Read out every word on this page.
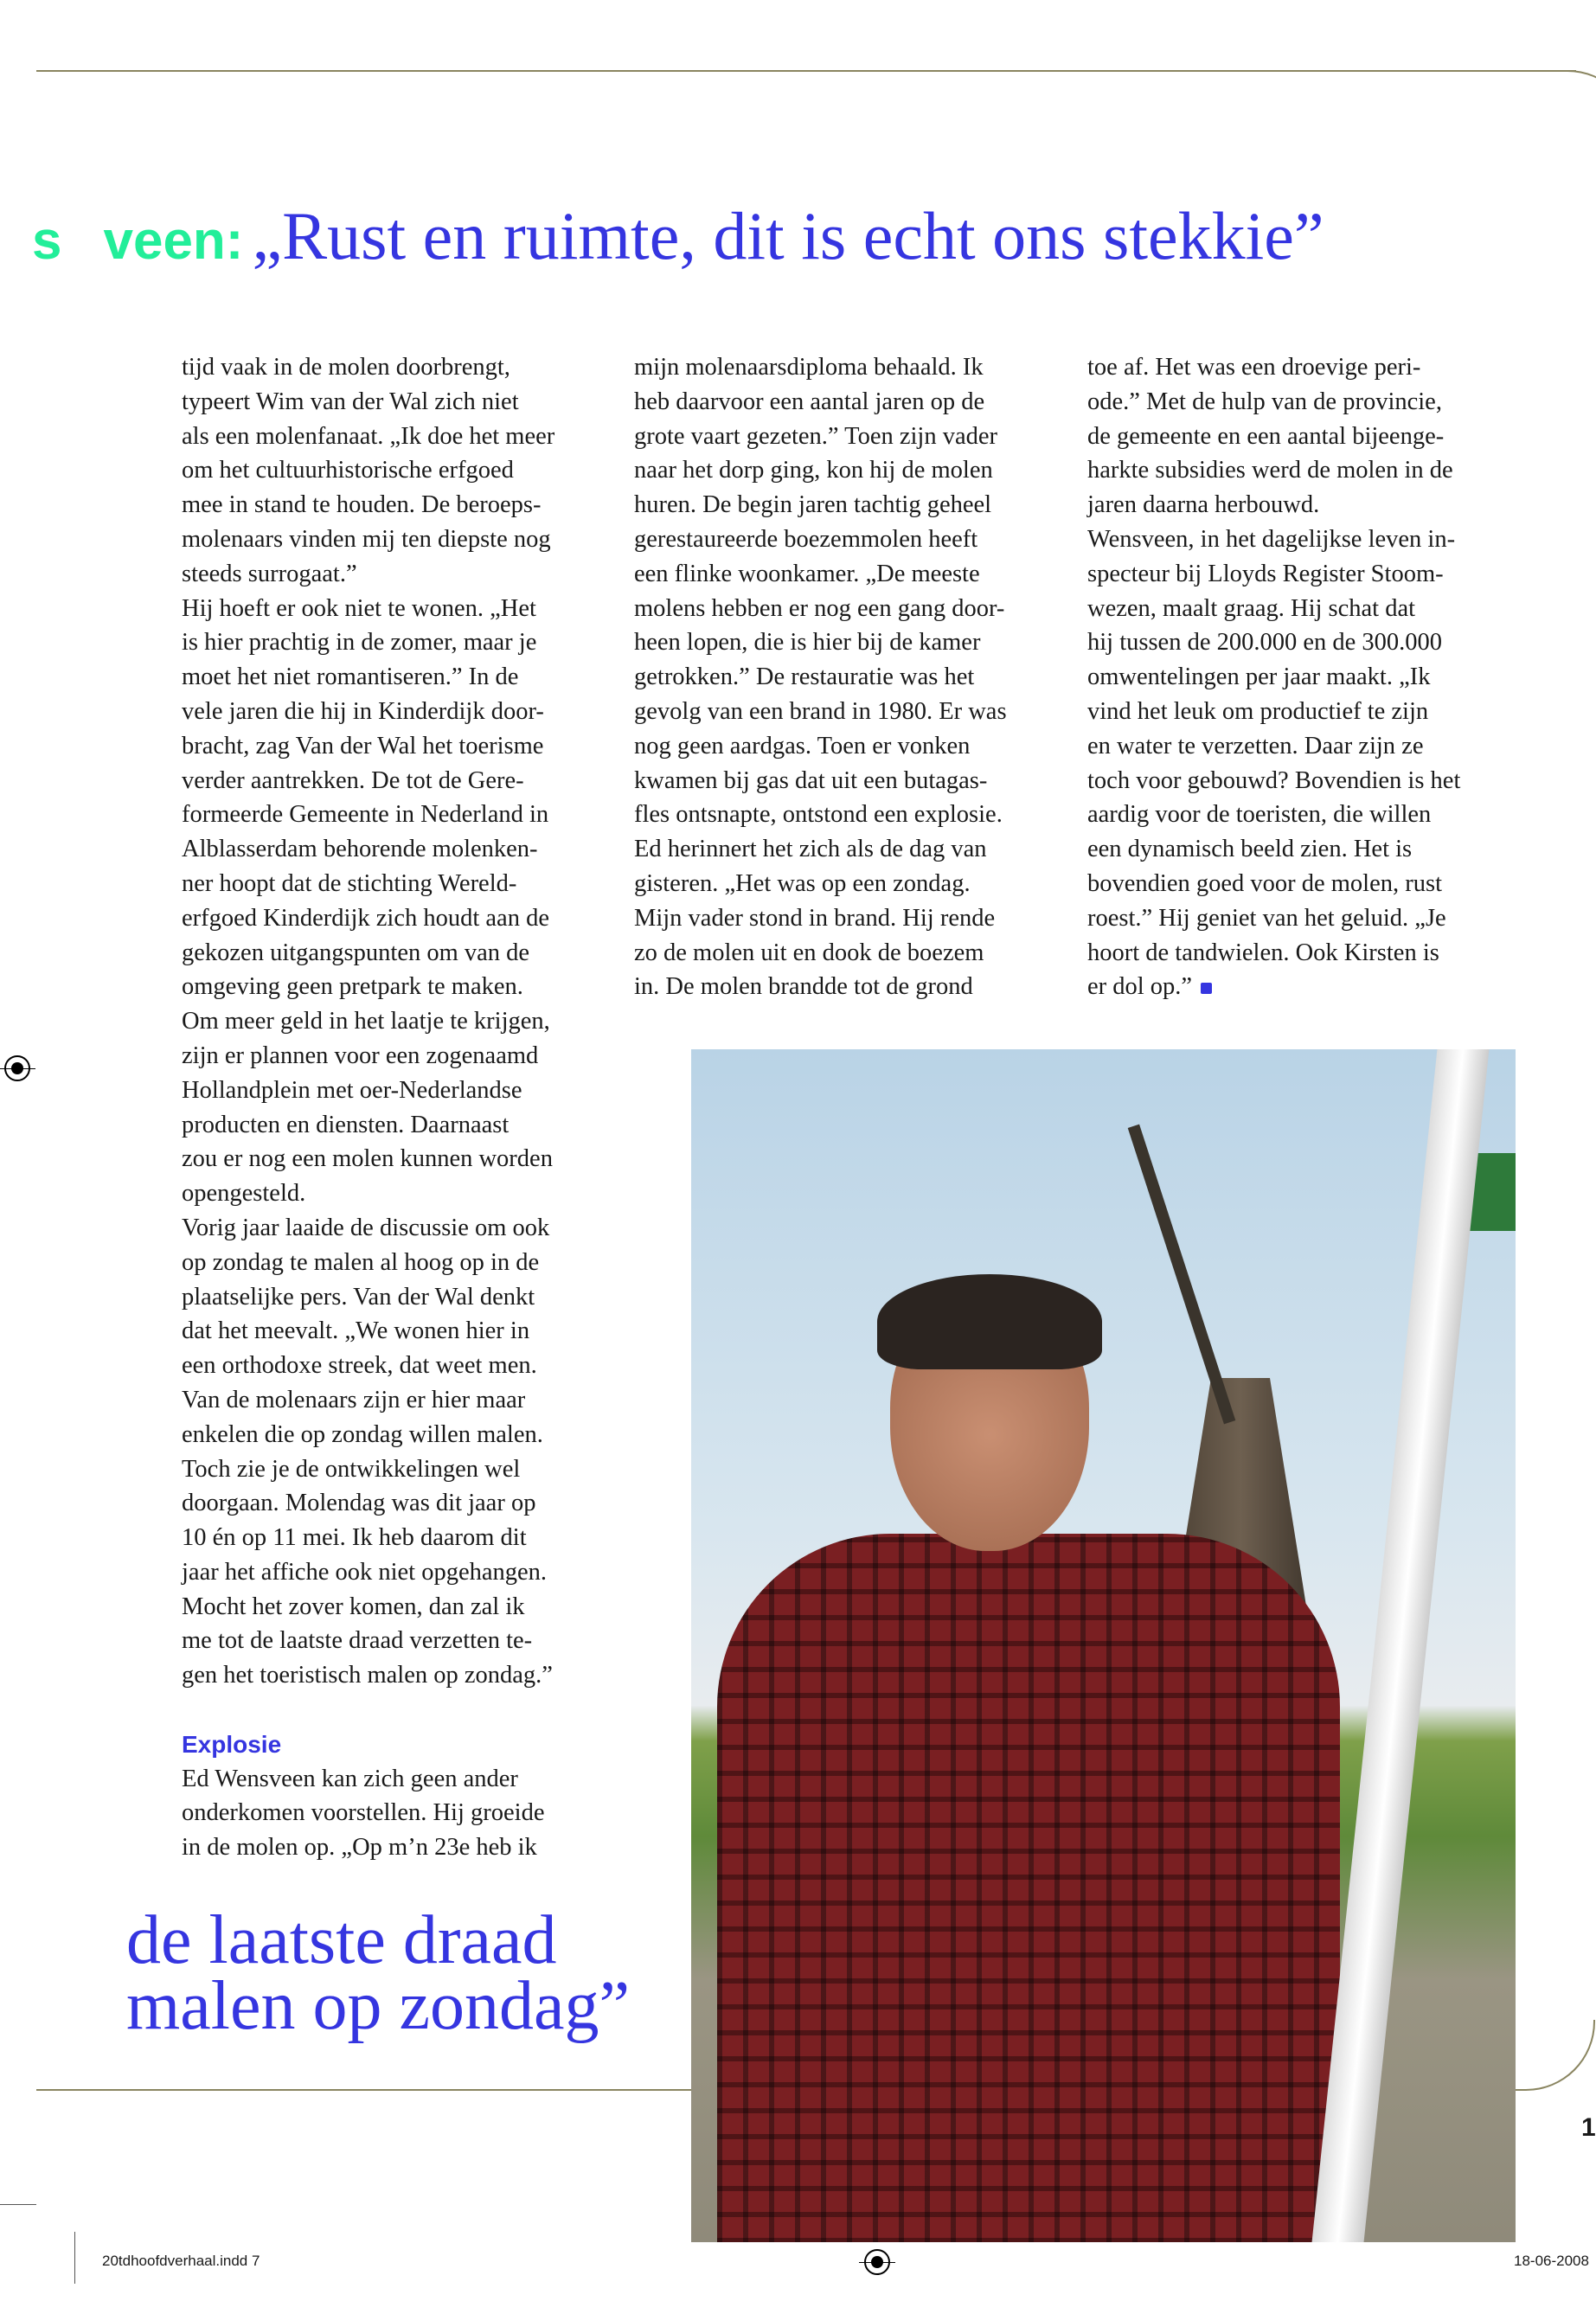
s veen: „Rust en ruimte, dit is echt ons stekkie”
tijd vaak in de molen doorbrengt,
typeert Wim van der Wal zich niet
als een molenfanaat. „Ik doe het meer
om het cultuurhistorische erfgoed
mee in stand te houden. De beroeps-
molenaars vinden mij ten diepste nog
steeds surrogaat.”
Hij hoeft er ook niet te wonen. „Het
is hier prachtig in de zomer, maar je
moet het niet romantiseren.” In de
vele jaren die hij in Kinderdijk door-
bracht, zag Van der Wal het toerisme
verder aantrekken. De tot de Gere-
formeerde Gemeente in Nederland in
Alblasserdam behorende molenken-
ner hoopt dat de stichting Wereld-
erfgoed Kinderdijk zich houdt aan de
gekozen uitgangspunten om van de
omgeving geen pretpark te maken.
Om meer geld in het laatje te krijgen,
zijn er plannen voor een zogenaamd
Hollandplein met oer-Nederlandse
producten en diensten. Daarnaast
zou er nog een molen kunnen worden
opengesteld.
Vorig jaar laaide de discussie om ook
op zondag te malen al hoog op in de
plaatselijke pers. Van der Wal denkt
dat het meevalt. „We wonen hier in
een orthodoxe streek, dat weet men.
Van de molenaars zijn er hier maar
enkelen die op zondag willen malen.
Toch zie je de ontwikkelingen wel
doorgaan. Molendag was dit jaar op
10 én op 11 mei. Ik heb daarom dit
jaar het affiche ook niet opgehangen.
Mocht het zover komen, dan zal ik
me tot de laatste draad verzetten te-
gen het toeristisch malen op zondag.”
Explosie
Ed Wensveen kan zich geen ander
onderkomen voorstellen. Hij groeide
in de molen op. „Op m’n 23e heb ik
mijn molenaarsdiploma behaald. Ik
heb daarvoor een aantal jaren op de
grote vaart gezeten.” Toen zijn vader
naar het dorp ging, kon hij de molen
huren. De begin jaren tachtig geheel
gerestaureerde boezemmolen heeft
een flinke woonkamer. „De meeste
molens hebben er nog een gang door-
heen lopen, die is hier bij de kamer
getrokken.” De restauratie was het
gevolg van een brand in 1980. Er was
nog geen aardgas. Toen er vonken
kwamen bij gas dat uit een butagas-
fles ontsnapte, ontstond een explosie.
Ed herinnert het zich als de dag van
gisteren. „Het was op een zondag.
Mijn vader stond in brand. Hij rende
zo de molen uit en dook de boezem
in. De molen brandde tot de grond
toe af. Het was een droevige peri-
ode.” Met de hulp van de provincie,
de gemeente en een aantal bijeenge-
harkte subsidies werd de molen in de
jaren daarna herbouwd.
Wensveen, in het dagelijkse leven in-
specteur bij Lloyds Register Stoom-
wezen, maalt graag. Hij schat dat
hij tussen de 200.000 en de 300.000
omwentelingen per jaar maakt. „Ik
vind het leuk om productief te zijn
en water te verzetten. Daar zijn ze
toch voor gebouwd? Bovendien is het
aardig voor de toeristen, die willen
een dynamisch beeld zien. Het is
bovendien goed voor de molen, rust
roest.” Hij geniet van het geluid. „Je
hoort de tandwielen. Ook Kirsten is
er dol op.”
de laatste draad
malen op zondag”
1
20tdhoofdverhaal.indd 7	18-06-2008
